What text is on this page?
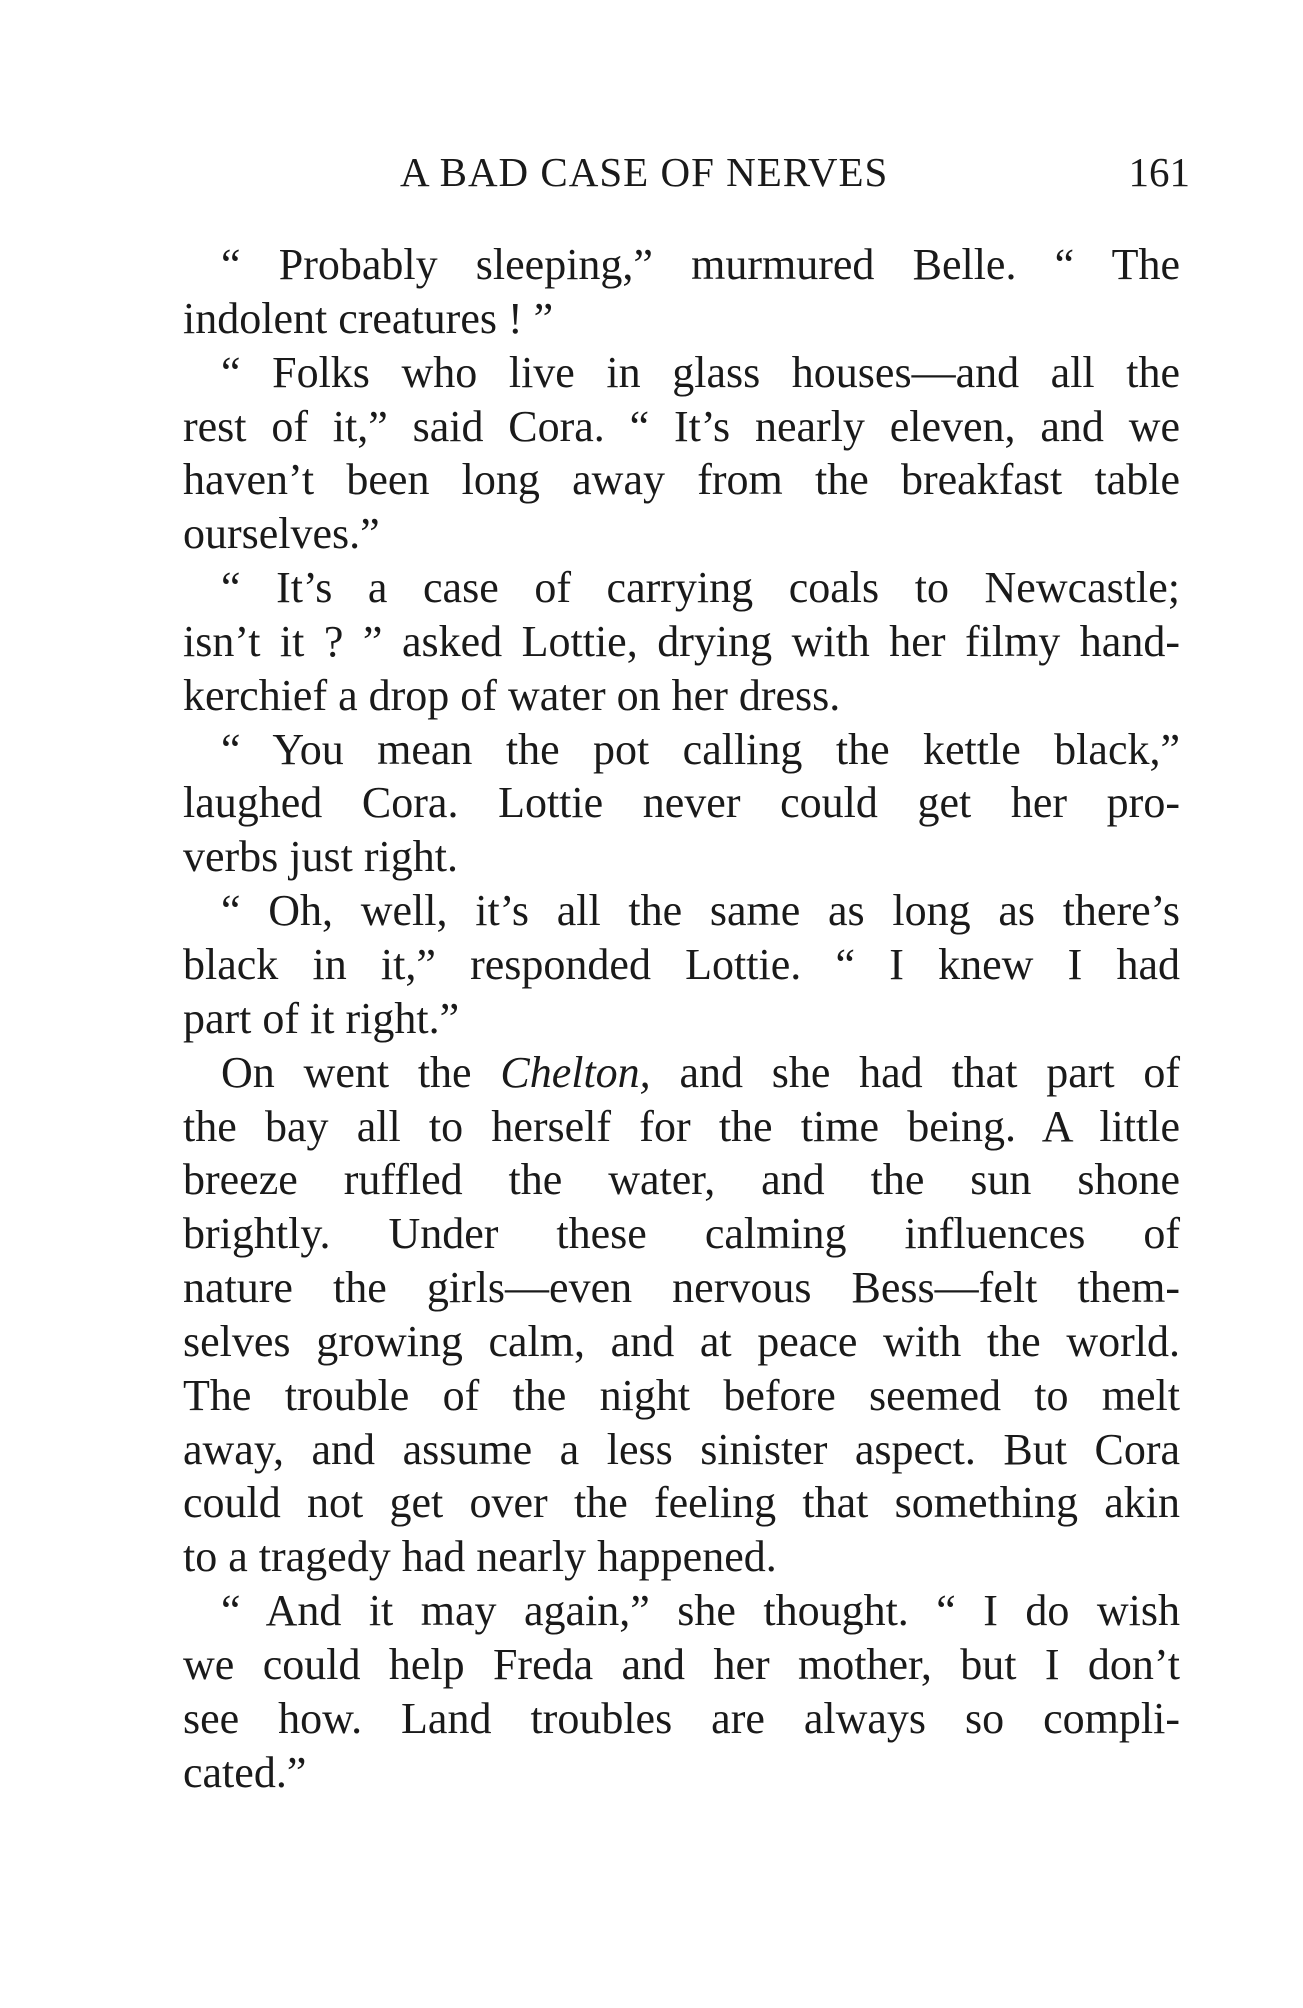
A BAD CASE OF NERVES	161
“ Probably sleeping,” murmured Belle. “ The
indolent creatures ! ”
“ Folks who live in glass houses—and all the
rest of it,” said Cora. “ It’s nearly eleven, and we
haven’t been long away from the breakfast table
ourselves.”
“ It’s a case of carrying coals to Newcastle;
isn’t it ? ” asked Lottie, drying with her filmy hand-
kerchief a drop of water on her dress.
“ You mean the pot calling the kettle black,”
laughed Cora. Lottie never could get her pro-
verbs just right.
“ Oh, well, it’s all the same as long as there’s
black in it,” responded Lottie. “ I knew I had
part of it right.”
On went the Chelton, and she had that part of
the bay all to herself for the time being. A little
breeze ruffled the water, and the sun shone
brightly. Under these calming influences of
nature the girls—even nervous Bess—felt them-
selves growing calm, and at peace with the world.
The trouble of the night before seemed to melt
away, and assume a less sinister aspect. But Cora
could not get over the feeling that something akin
to a tragedy had nearly happened.
“ And it may again,” she thought. “ I do wish
we could help Freda and her mother, but I don’t
see how. Land troubles are always so compli-
cated.”
